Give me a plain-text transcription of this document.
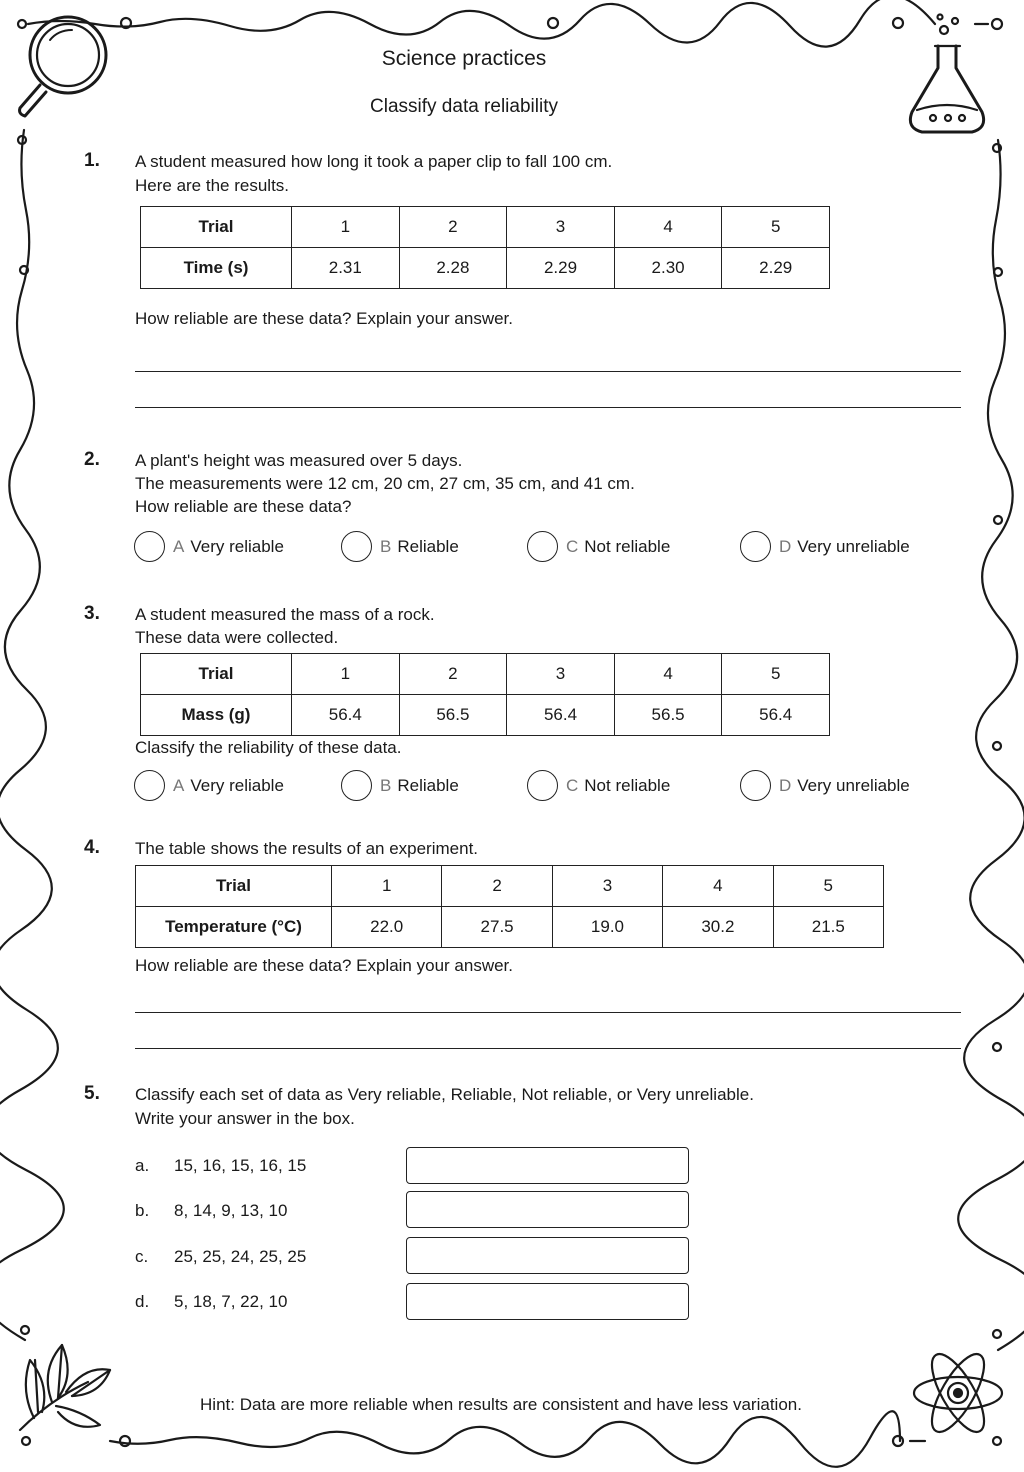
Science practices
Classify data reliability
1. A student measured how long it took a paper clip to fall 100 cm.
Here are the results.
Trial	1	2	3	4	5
Time (s)	2.31	2.28	2.29	2.30	2.29
How reliable are these data? Explain your answer.
2. A plant's height was measured over 5 days.
The measurements were 12 cm, 20 cm, 27 cm, 35 cm, and 41 cm.
How reliable are these data?
A Very reliable	B Reliable	C Not reliable	D Very unreliable
3. A student measured the mass of a rock.
These data were collected.
Trial	1	2	3	4	5
Mass (g)	56.4	56.5	56.4	56.5	56.4
Classify the reliability of these data.
A Very reliable	B Reliable	C Not reliable	D Very unreliable
4. The table shows the results of an experiment.
Trial	1	2	3	4	5
Temperature (°C)	22.0	27.5	19.0	30.2	21.5
How reliable are these data? Explain your answer.
5. Classify each set of data as Very reliable, Reliable, Not reliable, or Very unreliable.
Write your answer in the box.
a. 15, 16, 15, 16, 15
b. 8, 14, 9, 13, 10
c. 25, 25, 24, 25, 25
d. 5, 18, 7, 22, 10
Hint: Data are more reliable when results are consistent and have less variation.
